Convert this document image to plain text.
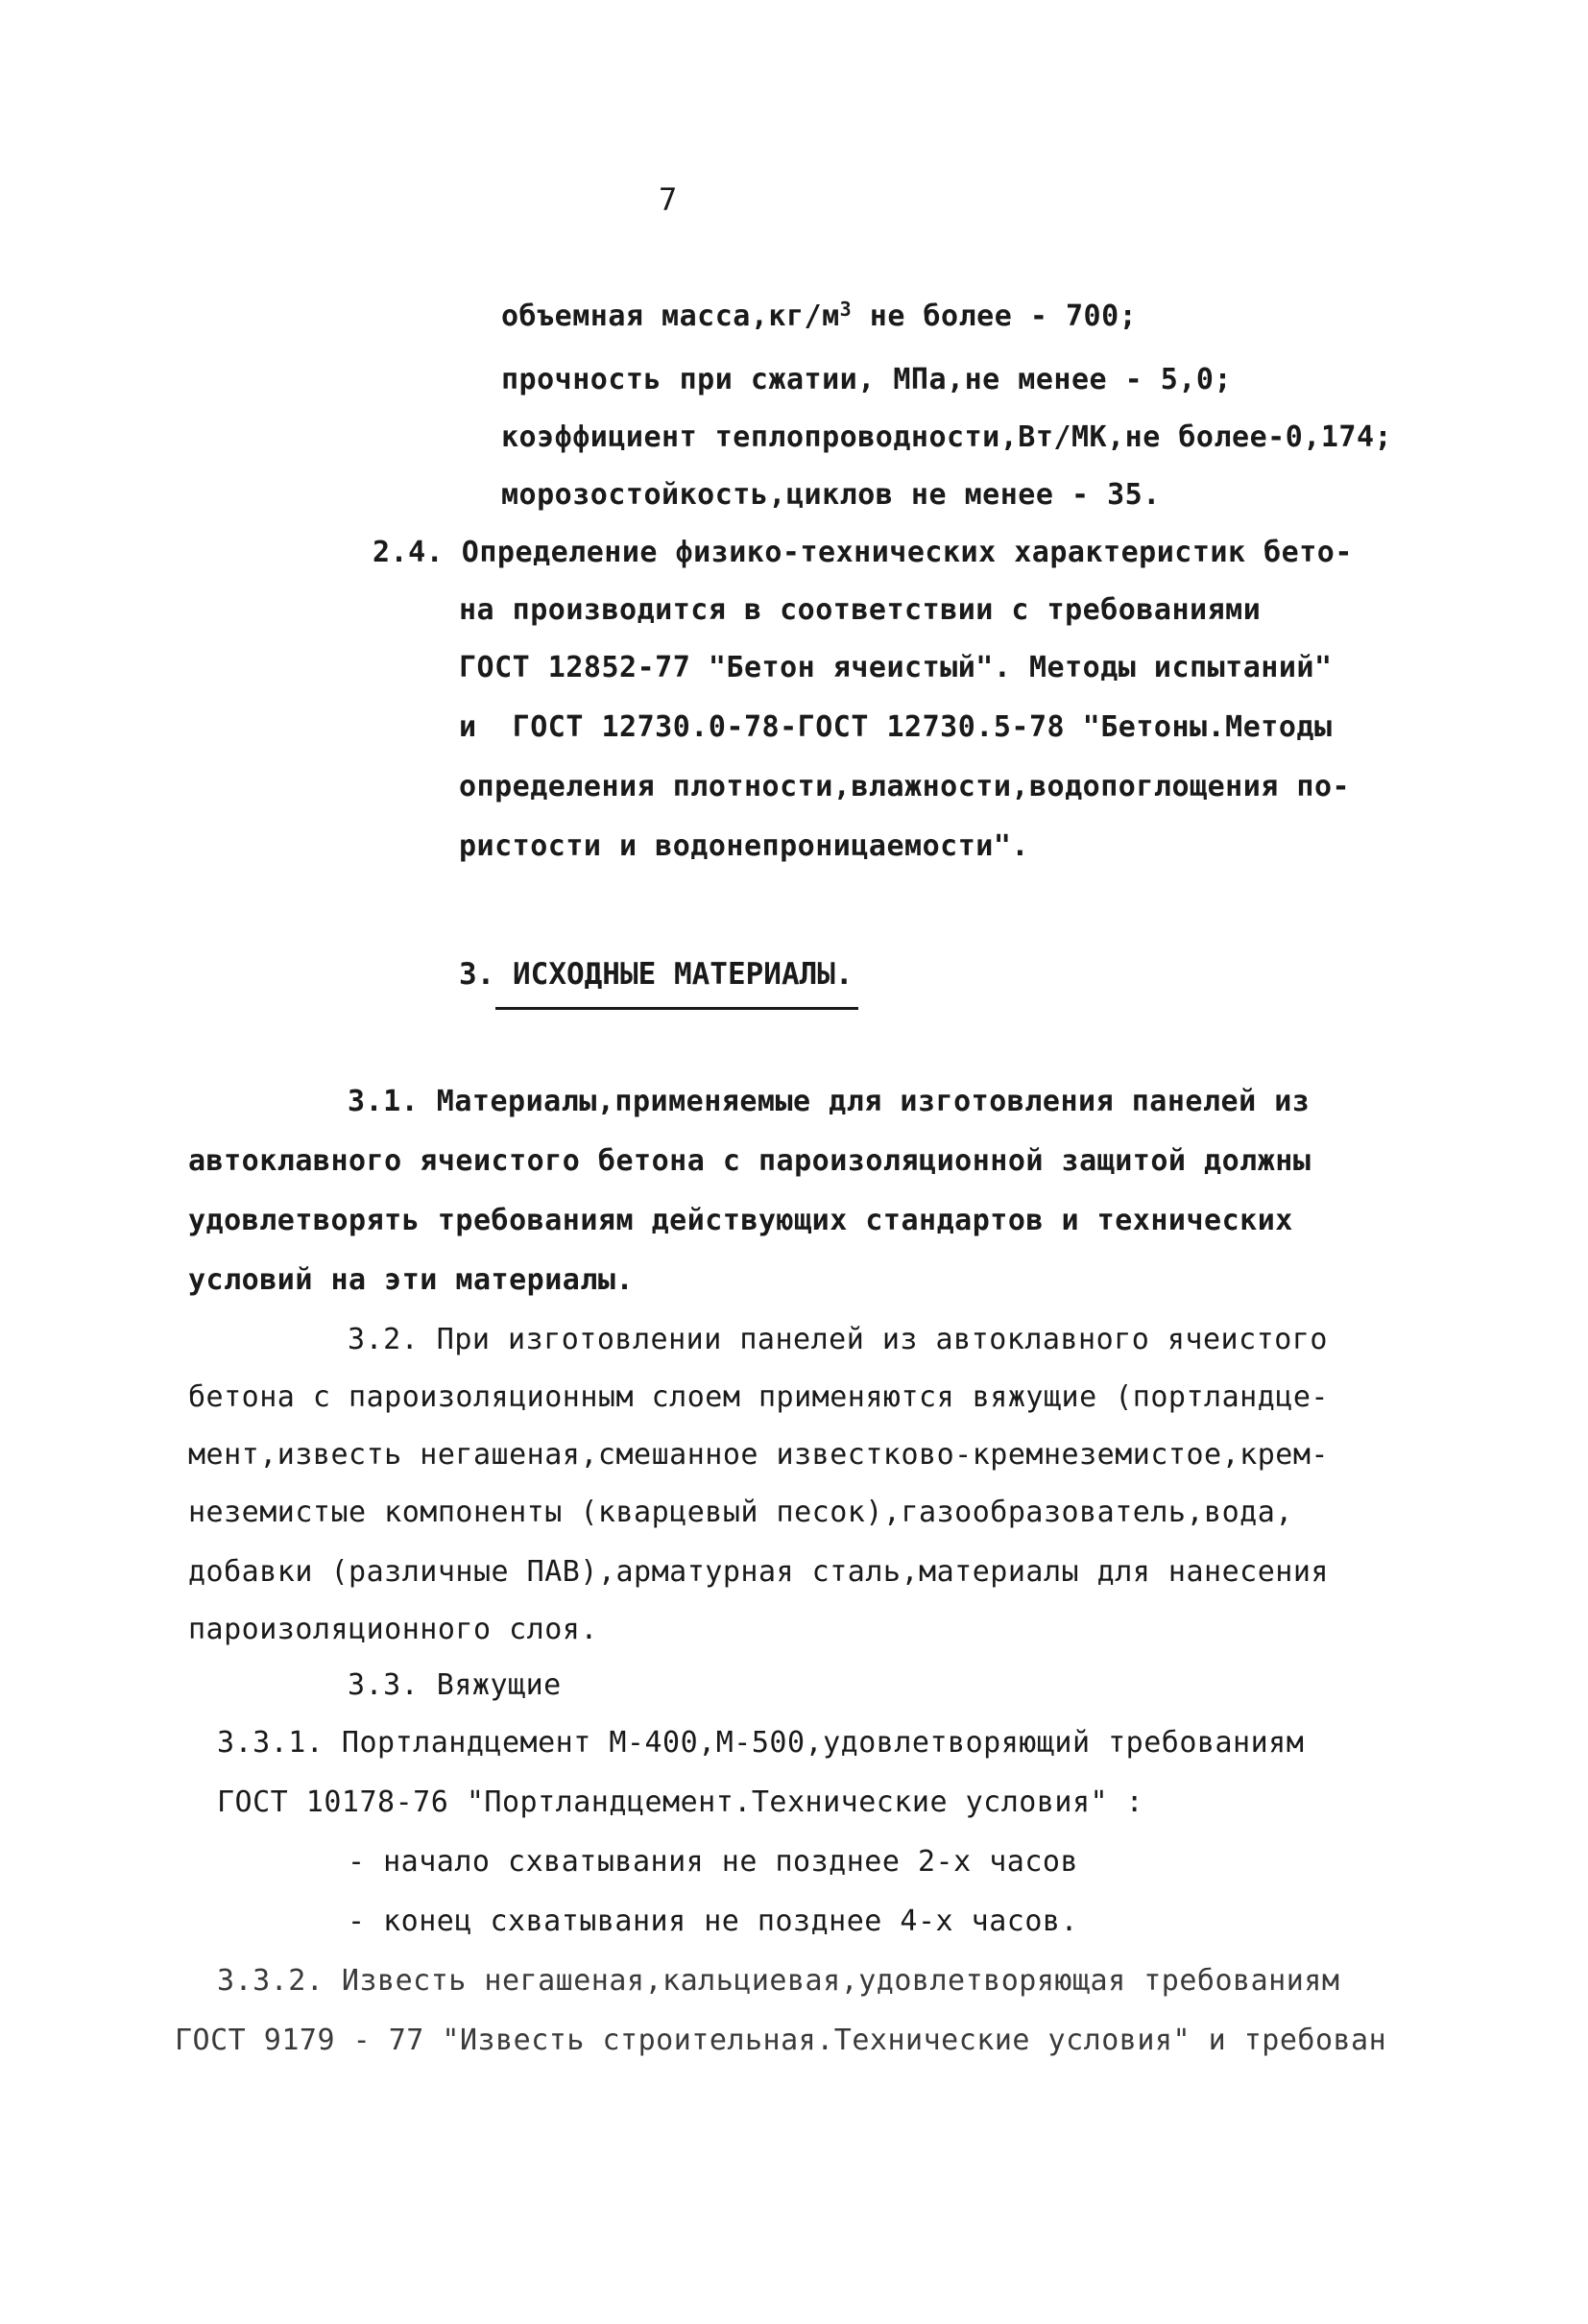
7
объемная $масса,кг/м^3$ не более - 700;
прочность при сжатии, МПа,не менее - 5,0;
коэффициент теплопроводности,Вт/МК,не более-0,174;
морозостойкость,циклов не менее - 35.
2.4. Определение физико-технических характеристик бето-
на производится в соответствии с требованиями
ГОСТ 12852-77 "Бетон ячеистый". Методы испытаний"
и  ГОСТ 12730.0-78-ГОСТ 12730.5-78 "Бетоны.Методы
определения плотности,влажности,водопоглощения по-
ристости и водонепроницаемости".
3. ИСХОДНЫЕ МАТЕРИАЛЫ.
3.1. Материалы,применяемые для изготовления панелей из
автоклавного ячеистого бетона с пароизоляционной защитой должны
удовлетворять требованиям действующих стандартов и технических
условий на эти материалы.
3.2. При изготовлении панелей из автоклавного ячеистого
бетона с пароизоляционным слоем применяются вяжущие (портландце-
мент,известь негашеная,смешанное известково-кремнеземистое,крем-
неземистые компоненты (кварцевый песок),газообразователь,вода,
добавки (различные ПАВ),арматурная сталь,материалы для нанесения
пароизоляционного слоя.
3.3. Вяжущие
3.3.1. Портландцемент М-400,М-500,удовлетворяющий требованиям
ГОСТ 10178-76 "Портландцемент.Технические условия" :
- начало схватывания не позднее 2-х часов
- конец схватывания не позднее 4-х часов.
3.3.2. Известь негашеная,кальциевая,удовлетворяющая требованиям
ГОСТ 9179 - 77 "Известь строительная.Технические условия" и требован
